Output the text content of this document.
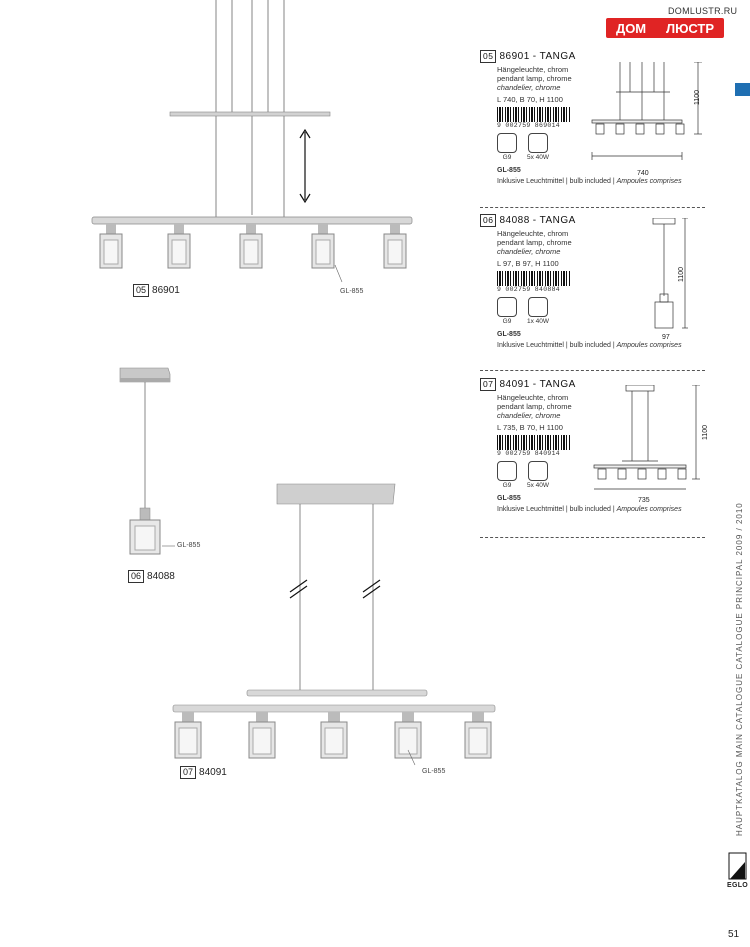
DOMLUSTR.RU
ДОМ ЛЮСТР
05 86901	GL-855
GL-855
06 84088
GL-855
07 84091
05 86901 - TANGA
Hängeleuchte, chrom
pendant lamp, chrome
chandelier, chrome
L 740, B 70, H 1100
9 002759 869014
G9 5x 40W
GL-855
Inklusive Leuchtmittel | bulb included | Ampoules comprises
1100
740
06 84088 - TANGA
Hängeleuchte, chrom
pendant lamp, chrome
chandelier, chrome
L 97, B 97, H 1100
9 002759 840884
G9 1x 40W
GL-855
Inklusive Leuchtmittel | bulb included | Ampoules comprises
1100
97
07 84091 - TANGA
Hängeleuchte, chrom
pendant lamp, chrome
chandelier, chrome
L 735, B 70, H 1100
9 002759 840914
G9 5x 40W
GL-855
Inklusive Leuchtmittel | bulb included | Ampoules comprises
1100
735
HAUPTKATALOG MAIN CATALOGUE CATALOGUE PRINCIPAL 2009 / 2010
EGLO
51
